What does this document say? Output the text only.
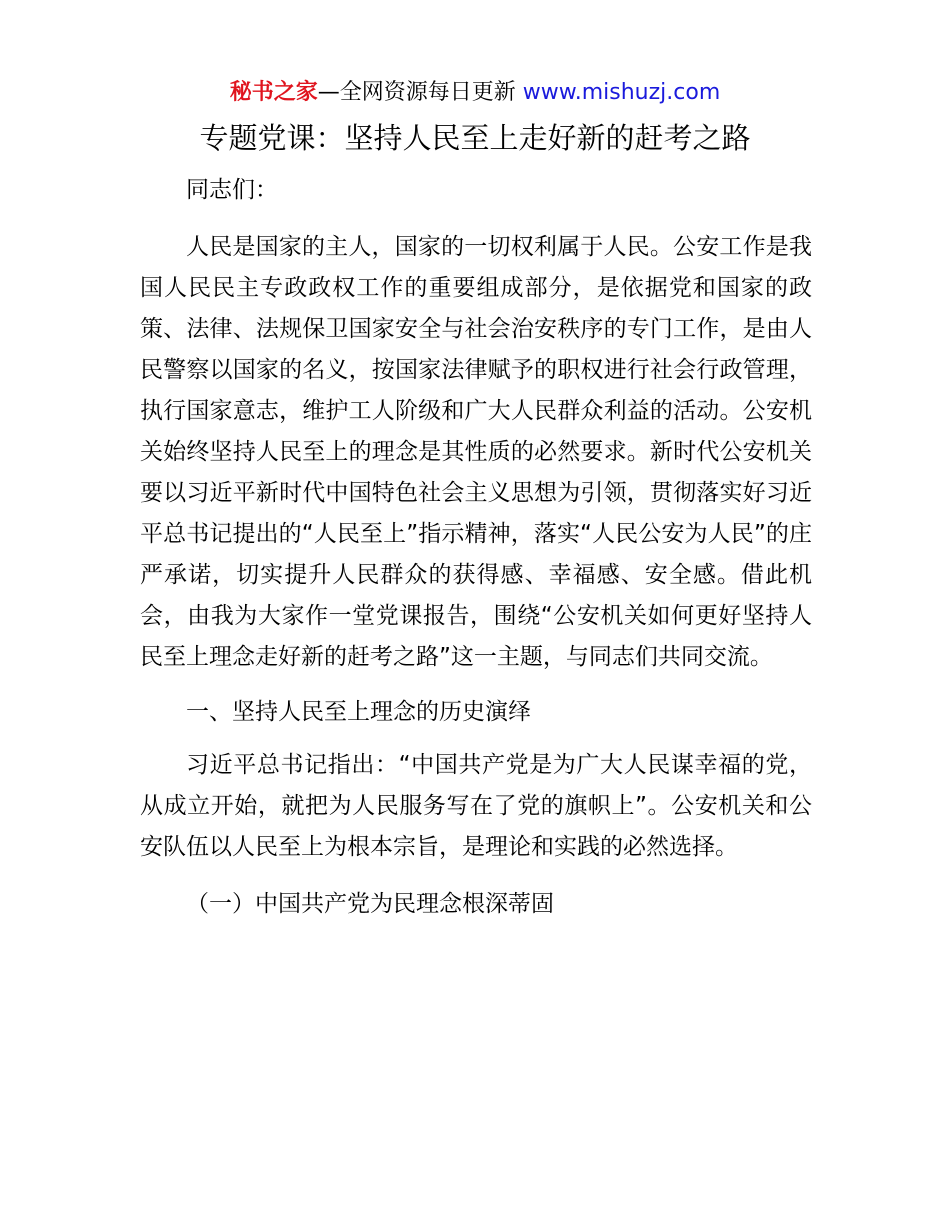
秘书之家—全网资源每日更新 www.mishuzj.com
专题党课：坚持人民至上走好新的赶考之路

同志们：

人民是国家的主人，国家的一切权利属于人民。公安工作是我国人民民主专政政权工作的重要组成部分，是依据党和国家的政策、法律、法规保卫国家安全与社会治安秩序的专门工作，是由人民警察以国家的名义，按国家法律赋予的职权进行社会行政管理，执行国家意志，维护工人阶级和广大人民群众利益的活动。公安机关始终坚持人民至上的理念是其性质的必然要求。新时代公安机关要以习近平新时代中国特色社会主义思想为引领，贯彻落实好习近平总书记提出的“人民至上”指示精神，落实“人民公安为人民”的庄严承诺，切实提升人民群众的获得感、幸福感、安全感。借此机会，由我为大家作一堂党课报告，围绕“公安机关如何更好坚持人民至上理念走好新的赶考之路”这一主题，与同志们共同交流。

一、坚持人民至上理念的历史演绎

习近平总书记指出：“中国共产党是为广大人民谋幸福的党，从成立开始，就把为人民服务写在了党的旗帜上”。公安机关和公安队伍以人民至上为根本宗旨，是理论和实践的必然选择。

（一）中国共产党为民理念根深蒂固
